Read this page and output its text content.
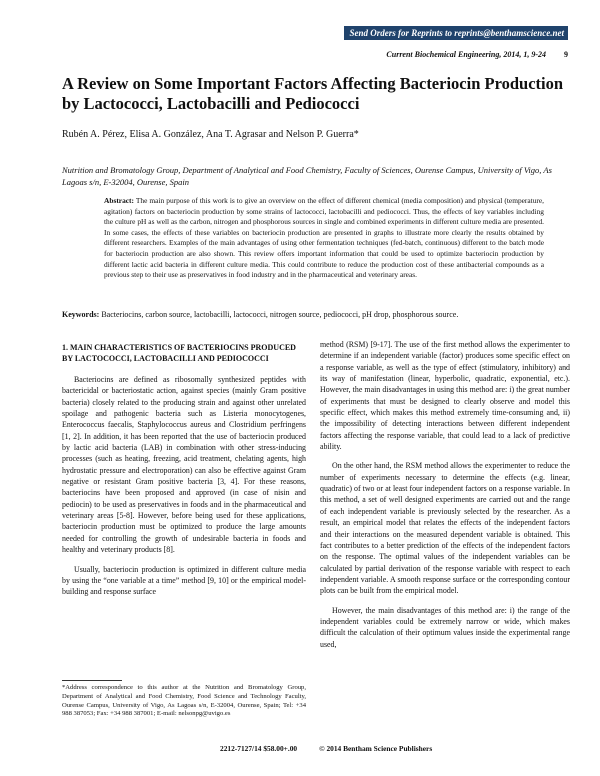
Send Orders for Reprints to reprints@benthamscience.net
Current Biochemical Engineering, 2014, 1, 9-24 9
A Review on Some Important Factors Affecting Bacteriocin Production by Lactococci, Lactobacilli and Pediococci
Rubén A. Pérez, Elisa A. González, Ana T. Agrasar and Nelson P. Guerra*
Nutrition and Bromatology Group, Department of Analytical and Food Chemistry, Faculty of Sciences, Ourense Campus, University of Vigo, As Lagoas s/n, E-32004, Ourense, Spain

Abstract: The main purpose of this work is to give an overview on the effect of different chemical (media composition) and physical (temperature, agitation) factors on bacteriocin production by some strains of lactococci, lactobacilli and pediococci. Thus, the effects of key variables including the culture pH as well as the carbon, nitrogen and phosphorous sources in single and combined experiments in different culture media are presented. In some cases, the effects of these variables on bacteriocin production are presented in graphs to illustrate more clearly the results obtained by different researchers. Examples of the main advantages of using other fermentation techniques (fed-batch, continuous) different to the batch mode for bacteriocin production are also shown. This review offers important information that could be used to optimize bacteriocin production by different lactic acid bacteria in different culture media. This could contribute to reduce the production cost of these antibacterial compounds as a previous step to their use as preservatives in food industry and in the pharmaceutical and veterinary areas.

Keywords: Bacteriocins, carbon source, lactobacilli, lactococci, nitrogen source, pediococci, pH drop, phosphorous source.
1. MAIN CHARACTERISTICS OF BACTERIOCINS PRODUCED BY LACTOCOCCI, LACTOBACILLI AND PEDIOCOCCI

Bacteriocins are defined as ribosomally synthesized peptides with bactericidal or bacteriostatic action, against species (mainly Gram positive bacteria) closely related to the producing strain and against other unrelated spoilage and pathogenic bacteria such as Listeria monocytogenes, Enterococcus faecalis, Staphylococcus aureus and Clostridium perfringens [1, 2]. In addition, it has been reported that the use of bacteriocin produced by lactic acid bacteria (LAB) in combination with other stress-inducing processes (such as heating, freezing, acid treatment, chelating agents, high hydrostatic pressure and electroporation) can also be effective against Gram negative or resistant Gram positive bacteria [3, 4]. For these reasons, bacteriocins have been proposed and approved (in case of nisin and pediocin) to be used as preservatives in foods and in the pharmaceutical and veterinary areas [5-8]. However, before being used for these applications, bacteriocin production must be optimized to produce the large amounts needed for controlling the growth of undesirable bacteria in foods and healthy and veterinary products [8].

Usually, bacteriocin production is optimized in different culture media by using the “one variable at a time” method [9, 10] or the empirical model-building and response surface

method (RSM) [9-17]. The use of the first method allows the experimenter to determine if an independent variable (factor) produces some specific effect on a response variable, as well as the type of effect (stimulatory, inhibitory) and its way of manifestation (linear, hyperbolic, quadratic, exponential, etc.). However, the main disadvantages in using this method are: i) the great number of experiments that must be designed to clearly observe and model this specific effect, which makes this method extremely time-consuming and, ii) the impossibility of detecting interactions between different independent factors affecting the response variable, that could lead to a lack of predictive ability.

On the other hand, the RSM method allows the experimenter to reduce the number of experiments necessary to determine the effects (e.g. linear, quadratic) of two or at least four independent factors on a response variable. In this method, a set of well designed experiments are carried out and the range of each independent variable is previously selected by the researcher. As a result, an empirical model that relates the effects of the independent factors and their interactions on the measured dependent variable is obtained. This fact contributes to a better prediction of the effects of the independent factors on the response. The optimal values of the independent variables can be calculated by partial derivation of the response variable with respect to each independent variable. A smooth response surface or the corresponding contour plots can be built from the empirical model.

However, the main disadvantages of this method are: i) the range of the independent variables could be extremely narrow or wide, which makes difficult the calculation of their optimum values inside the experimental range used,

*Address correspondence to this author at the Nutrition and Bromatology Group, Department of Analytical and Food Chemistry, Food Science and Technology Faculty, Ourense Campus, University of Vigo, As Lagoas s/n, E-32004, Ourense, Spain; Tel: +34 988 387053; Fax: +34 988 387001; E-mail: nelsonpg@uvigo.es
2212-7127/14 $58.00+.00	© 2014 Bentham Science Publishers
